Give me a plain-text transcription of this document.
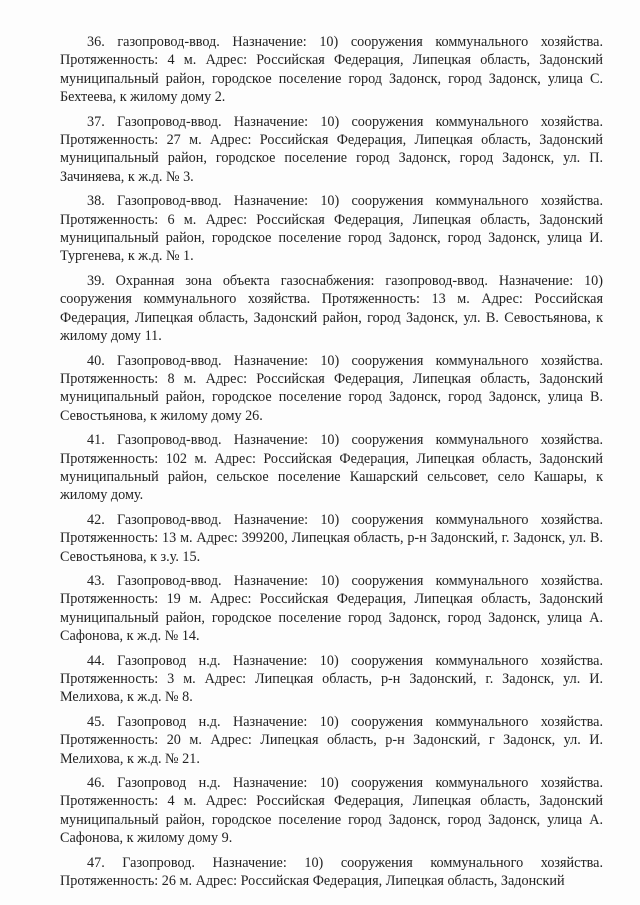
36. газопровод-ввод. Назначение: 10) сооружения коммунального хозяйства. Протяженность: 4 м. Адрес: Российская Федерация, Липецкая область, Задонский муниципальный район, городское поселение город Задонск, город Задонск, улица С. Бехтеева, к жилому дому 2.

37. Газопровод-ввод. Назначение: 10) сооружения коммунального хозяйства. Протяженность: 27 м. Адрес: Российская Федерация, Липецкая область, Задонский муниципальный район, городское поселение город Задонск, город Задонск, ул. П. Зачиняева, к ж.д. № 3.

38. Газопровод-ввод. Назначение: 10) сооружения коммунального хозяйства. Протяженность: 6 м. Адрес: Российская Федерация, Липецкая область, Задонский муниципальный район, городское поселение город Задонск, город Задонск, улица И. Тургенева, к ж.д. № 1.

39. Охранная зона объекта газоснабжения: газопровод-ввод. Назначение: 10) сооружения коммунального хозяйства. Протяженность: 13 м. Адрес: Российская Федерация, Липецкая область, Задонский район, город Задонск, ул. В. Севостьянова, к жилому дому 11.

40. Газопровод-ввод. Назначение: 10) сооружения коммунального хозяйства. Протяженность: 8 м. Адрес: Российская Федерация, Липецкая область, Задонский муниципальный район, городское поселение город Задонск, город Задонск, улица В. Севостьянова, к жилому дому 26.

41. Газопровод-ввод. Назначение: 10) сооружения коммунального хозяйства. Протяженность: 102 м. Адрес: Российская Федерация, Липецкая область, Задонский муниципальный район, сельское поселение Кашарский сельсовет, село Кашары, к жилому дому.

42. Газопровод-ввод. Назначение: 10) сооружения коммунального хозяйства. Протяженность: 13 м. Адрес: 399200, Липецкая область, р-н Задонский, г. Задонск, ул. В. Севостьянова, к з.у. 15.

43. Газопровод-ввод. Назначение: 10) сооружения коммунального хозяйства. Протяженность: 19 м. Адрес: Российская Федерация, Липецкая область, Задонский муниципальный район, городское поселение город Задонск, город Задонск, улица А. Сафонова, к ж.д. № 14.

44. Газопровод н.д. Назначение: 10) сооружения коммунального хозяйства. Протяженность: 3 м. Адрес: Липецкая область, р-н Задонский, г. Задонск, ул. И. Мелихова, к ж.д. № 8.

45. Газопровод н.д. Назначение: 10) сооружения коммунального хозяйства. Протяженность: 20 м. Адрес: Липецкая область, р-н Задонский, г Задонск, ул. И. Мелихова, к ж.д. № 21.

46. Газопровод н.д. Назначение: 10) сооружения коммунального хозяйства. Протяженность: 4 м. Адрес: Российская Федерация, Липецкая область, Задонский муниципальный район, городское поселение город Задонск, город Задонск, улица А. Сафонова, к жилому дому 9.

47. Газопровод. Назначение: 10) сооружения коммунального хозяйства. Протяженность: 26 м. Адрес: Российская Федерация, Липецкая область, Задонский
